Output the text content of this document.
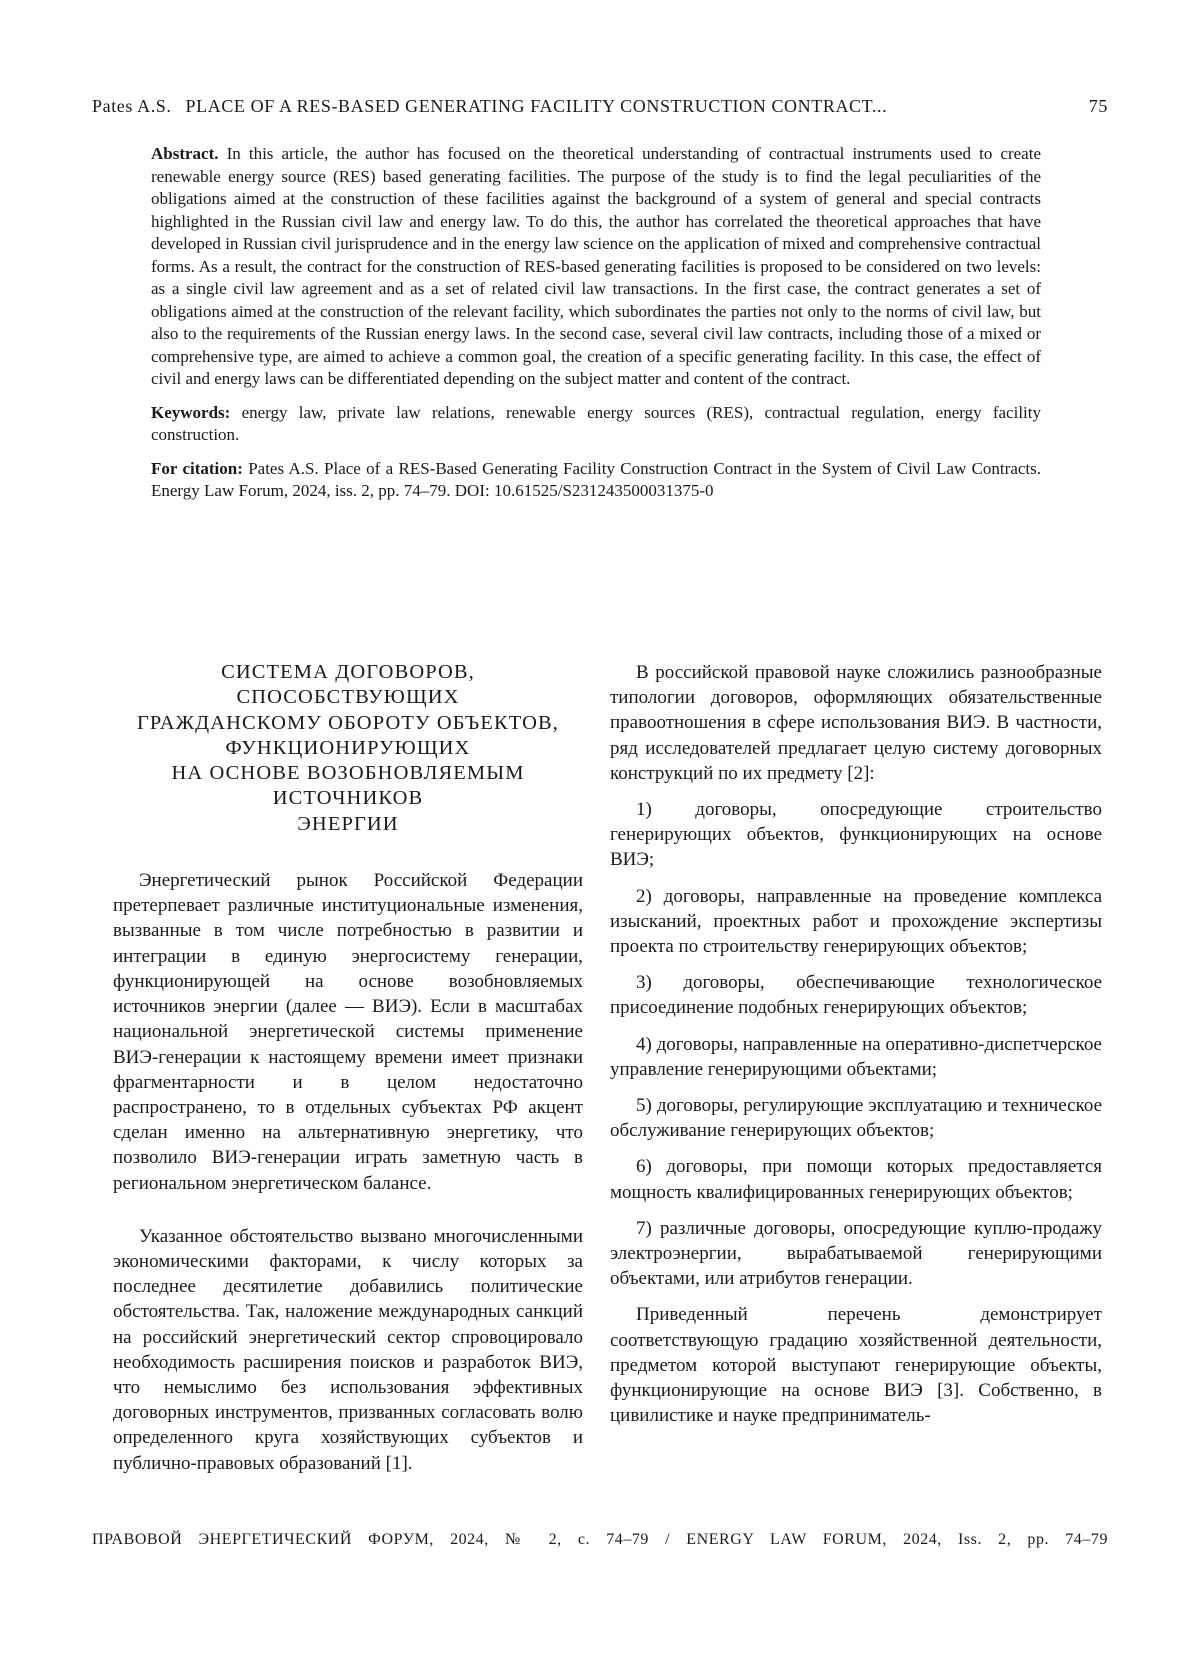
Pates A.S. PLACE OF A RES-BASED GENERATING FACILITY CONSTRUCTION CONTRACT...	75

Abstract. In this article, the author has focused on the theoretical understanding of contractual instruments used to create renewable energy source (RES) based generating facilities. The purpose of the study is to find the legal peculiarities of the obligations aimed at the construction of these facilities against the background of a system of general and special contracts highlighted in the Russian civil law and energy law. To do this, the author has correlated the theoretical approaches that have developed in Russian civil jurisprudence and in the energy law science on the application of mixed and comprehensive contractual forms. As a result, the contract for the construction of RES-based generating facilities is proposed to be considered on two levels: as a single civil law agreement and as a set of related civil law transactions. In the first case, the contract generates a set of obligations aimed at the construction of the relevant facility, which subordinates the parties not only to the norms of civil law, but also to the requirements of the Russian energy laws. In the second case, several civil law contracts, including those of a mixed or comprehensive type, are aimed to achieve a common goal, the creation of a specific generating facility. In this case, the effect of civil and energy laws can be differentiated depending on the subject matter and content of the contract.

Keywords: energy law, private law relations, renewable energy sources (RES), contractual regulation, energy facility construction.

For citation: Pates A.S. Place of a RES-Based Generating Facility Construction Contract in the System of Civil Law Contracts. Energy Law Forum, 2024, iss. 2, pp. 74–79. DOI: 10.61525/S231243500031375-0

СИСТЕМА ДОГОВОРОВ,
СПОСОБСТВУЮЩИХ
ГРАЖДАНСКОМУ ОБОРОТУ ОБЪЕКТОВ,
ФУНКЦИОНИРУЮЩИХ
НА ОСНОВЕ ВОЗОБНОВЛЯЕМЫМ
ИСТОЧНИКОВ
ЭНЕРГИИ

Энергетический рынок Российской Федерации претерпевает различные институциональные изменения, вызванные в том числе потребностью в развитии и интеграции в единую энергосистему генерации, функционирующей на основе возобновляемых источников энергии (далее — ВИЭ). Если в масштабах национальной энергетической системы применение ВИЭ-генерации к настоящему времени имеет признаки фрагментарности и в целом недостаточно распространено, то в отдельных субъектах РФ акцент сделан именно на альтернативную энергетику, что позволило ВИЭ-генерации играть заметную часть в региональном энергетическом балансе.

Указанное обстоятельство вызвано многочисленными экономическими факторами, к числу которых за последнее десятилетие добавились политические обстоятельства. Так, наложение международных санкций на российский энергетический сектор спровоцировало необходимость расширения поисков и разработок ВИЭ, что немыслимо без использования эффективных договорных инструментов, призванных согласовать волю определенного круга хозяйствующих субъектов и публично-правовых образований [1].

В российской правовой науке сложились разнообразные типологии договоров, оформляющих обязательственные правоотношения в сфере использования ВИЭ. В частности, ряд исследователей предлагает целую систему договорных конструкций по их предмету [2]:

1) договоры, опосредующие строительство генерирующих объектов, функционирующих на основе ВИЭ;

2) договоры, направленные на проведение комплекса изысканий, проектных работ и прохождение экспертизы проекта по строительству генерирующих объектов;

3) договоры, обеспечивающие технологическое присоединение подобных генерирующих объектов;

4) договоры, направленные на оперативно-диспетчерское управление генерирующими объектами;

5) договоры, регулирующие эксплуатацию и техническое обслуживание генерирующих объектов;

6) договоры, при помощи которых предоставляется мощность квалифицированных генерирующих объектов;

7) различные договоры, опосредующие куплю-продажу электроэнергии, вырабатываемой генерирующими объектами, или атрибутов генерации.

Приведенный перечень демонстрирует соответствующую градацию хозяйственной деятельности, предметом которой выступают генерирующие объекты, функционирующие на основе ВИЭ [3]. Собственно, в цивилистике и науке предприниматель-

ПРАВОВОЙ ЭНЕРГЕТИЧЕСКИЙ ФОРУМ, 2024, № 2, с. 74–79 / ENERGY LAW FORUM, 2024, Iss. 2, pp. 74–79
